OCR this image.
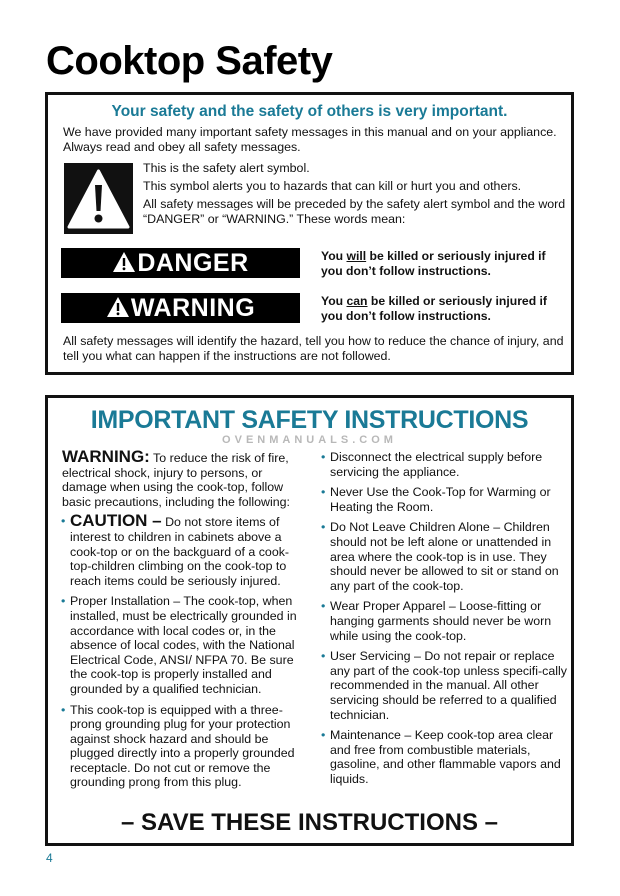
Cooktop Safety
Your safety and the safety of others is very important.
We have provided many important safety messages in this manual and on your appliance. Always read and obey all safety messages.

This is the safety alert symbol.

This symbol alerts you to hazards that can kill or hurt you and others.

All safety messages will be preceded by the safety alert symbol and the word “DANGER” or “WARNING.” These words mean:

DANGER	You will be killed or seriously injured if you don’t follow instructions.
WARNING	You can be killed or seriously injured if you don’t follow instructions.
All safety messages will identify the hazard, tell you how to reduce the chance of injury, and tell you what can happen if the instructions are not followed.
IMPORTANT SAFETY INSTRUCTIONS
OVENMANUALS.COM

WARNING: To reduce the risk of fire, electrical shock, injury to persons, or damage when using the cook-top, follow basic precautions, including the following:

• CAUTION – Do not store items of interest to children in cabinets above a cook-top or on the backguard of a cook-top-children climbing on the cook-top to reach items could be seriously injured.
• Proper Installation – The cook-top, when installed, must be electrically grounded in accordance with local codes or, in the absence of local codes, with the National Electrical Code, ANSI/ NFPA 70. Be sure the cook-top is properly installed and grounded by a qualified technician.
• This cook-top is equipped with a three-prong grounding plug for your protection against shock hazard and should be plugged directly into a properly grounded receptacle. Do not cut or remove the grounding prong from this plug.
• Disconnect the electrical supply before servicing the appliance.
• Never Use the Cook-Top for Warming or Heating the Room.
• Do Not Leave Children Alone – Children should not be left alone or unattended in area where the cook-top is in use. They should never be allowed to sit or stand on any part of the cook-top.
• Wear Proper Apparel – Loose-fitting or hanging garments should never be worn while using the cook-top.
• User Servicing – Do not repair or replace any part of the cook-top unless specifi-cally recommended in the manual. All other servicing should be referred to a qualified technician.
• Maintenance – Keep cook-top area clear and free from combustible materials, gasoline, and other flammable vapors and liquids.
– SAVE THESE INSTRUCTIONS –
4
